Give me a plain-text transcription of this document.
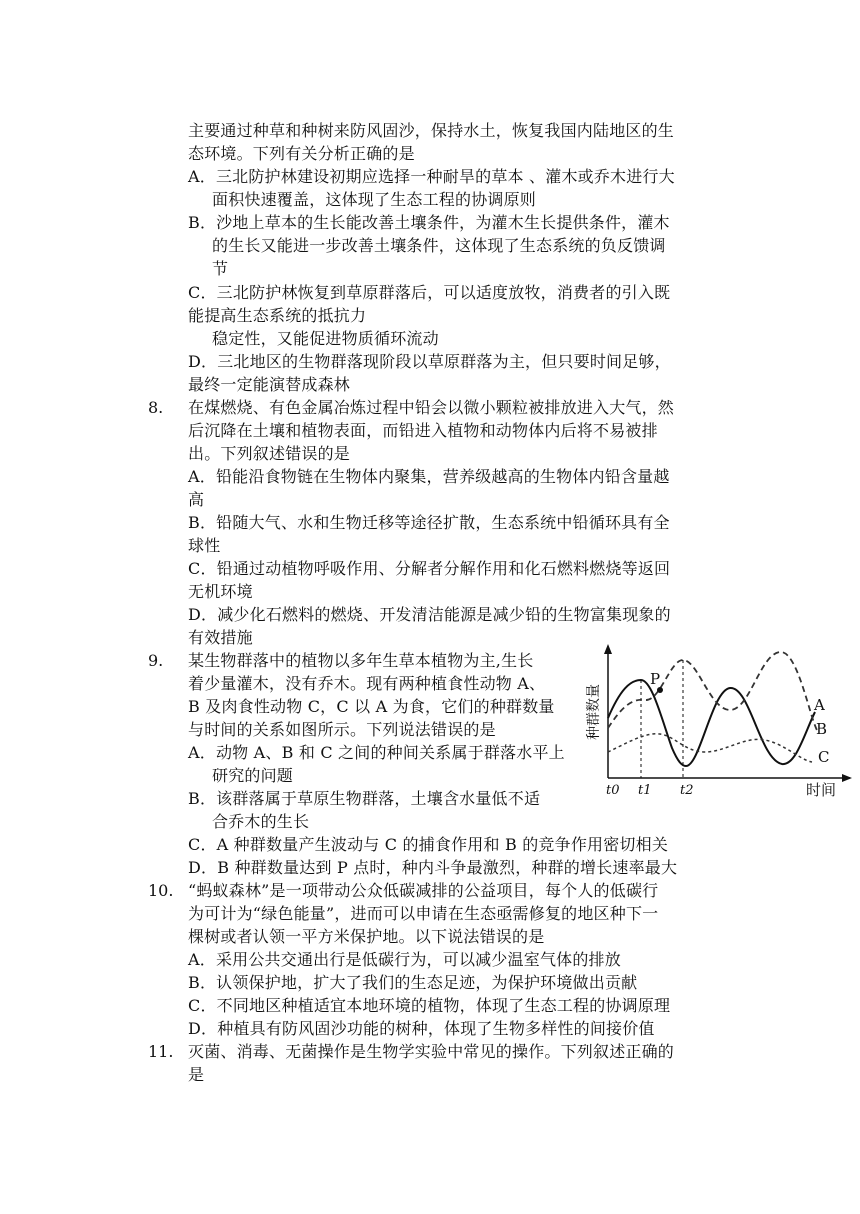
主要通过种草和种树来防风固沙，保持水土，恢复我国内陆地区的生
态环境。下列有关分析正确的是
A．三北防护林建设初期应选择一种耐旱的草本 、灌木或乔木进行大
面积快速覆盖，这体现了生态工程的协调原则
B．沙地上草本的生长能改善土壤条件，为灌木生长提供条件，灌木
的生长又能进一步改善土壤条件，这体现了生态系统的负反馈调
节
C．三北防护林恢复到草原群落后，可以适度放牧，消费者的引入既
能提高生态系统的抵抗力
稳定性，又能促进物质循环流动
D．三北地区的生物群落现阶段以草原群落为主，但只要时间足够，
最终一定能演替成森林
8. 在煤燃烧、有色金属冶炼过程中铅会以微小颗粒被排放进入大气，然
后沉降在土壤和植物表面，而铅进入植物和动物体内后将不易被排
出。下列叙述错误的是
A．铅能沿食物链在生物体内聚集，营养级越高的生物体内铅含量越
高
B．铅随大气、水和生物迁移等途径扩散，生态系统中铅循环具有全
球性
C．铅通过动植物呼吸作用、分解者分解作用和化石燃料燃烧等返回
无机环境
D．减少化石燃料的燃烧、开发清洁能源是减少铅的生物富集现象的
有效措施
9. 某生物群落中的植物以多年生草本植物为主,生长
着少量灌木，没有乔木。现有两种植食性动物 A、
B 及肉食性动物 C，C 以 A 为食，它们的种群数量
与时间的关系如图所示。下列说法错误的是
A．动物 A、B 和 C 之间的种间关系属于群落水平上
研究的问题
B．该群落属于草原生物群落，土壤含水量低不适
合乔木的生长
C．A 种群数量产生波动与 C 的捕食作用和 B 的竞争作用密切相关
D．B 种群数量达到 P 点时，种内斗争最激烈，种群的增长速率最大
P
A
B
C
t0 t1 t2	时间
种群数量
10. “蚂蚁森林”是一项带动公众低碳减排的公益项目，每个人的低碳行
为可计为“绿色能量”，进而可以申请在生态亟需修复的地区种下一
棵树或者认领一平方米保护地。以下说法错误的是
A．采用公共交通出行是低碳行为，可以减少温室气体的排放
B．认领保护地，扩大了我们的生态足迹，为保护环境做出贡献
C．不同地区种植适宜本地环境的植物，体现了生态工程的协调原理
D．种植具有防风固沙功能的树种，体现了生物多样性的间接价值
11. 灭菌、消毒、无菌操作是生物学实验中常见的操作。下列叙述正确的
是
